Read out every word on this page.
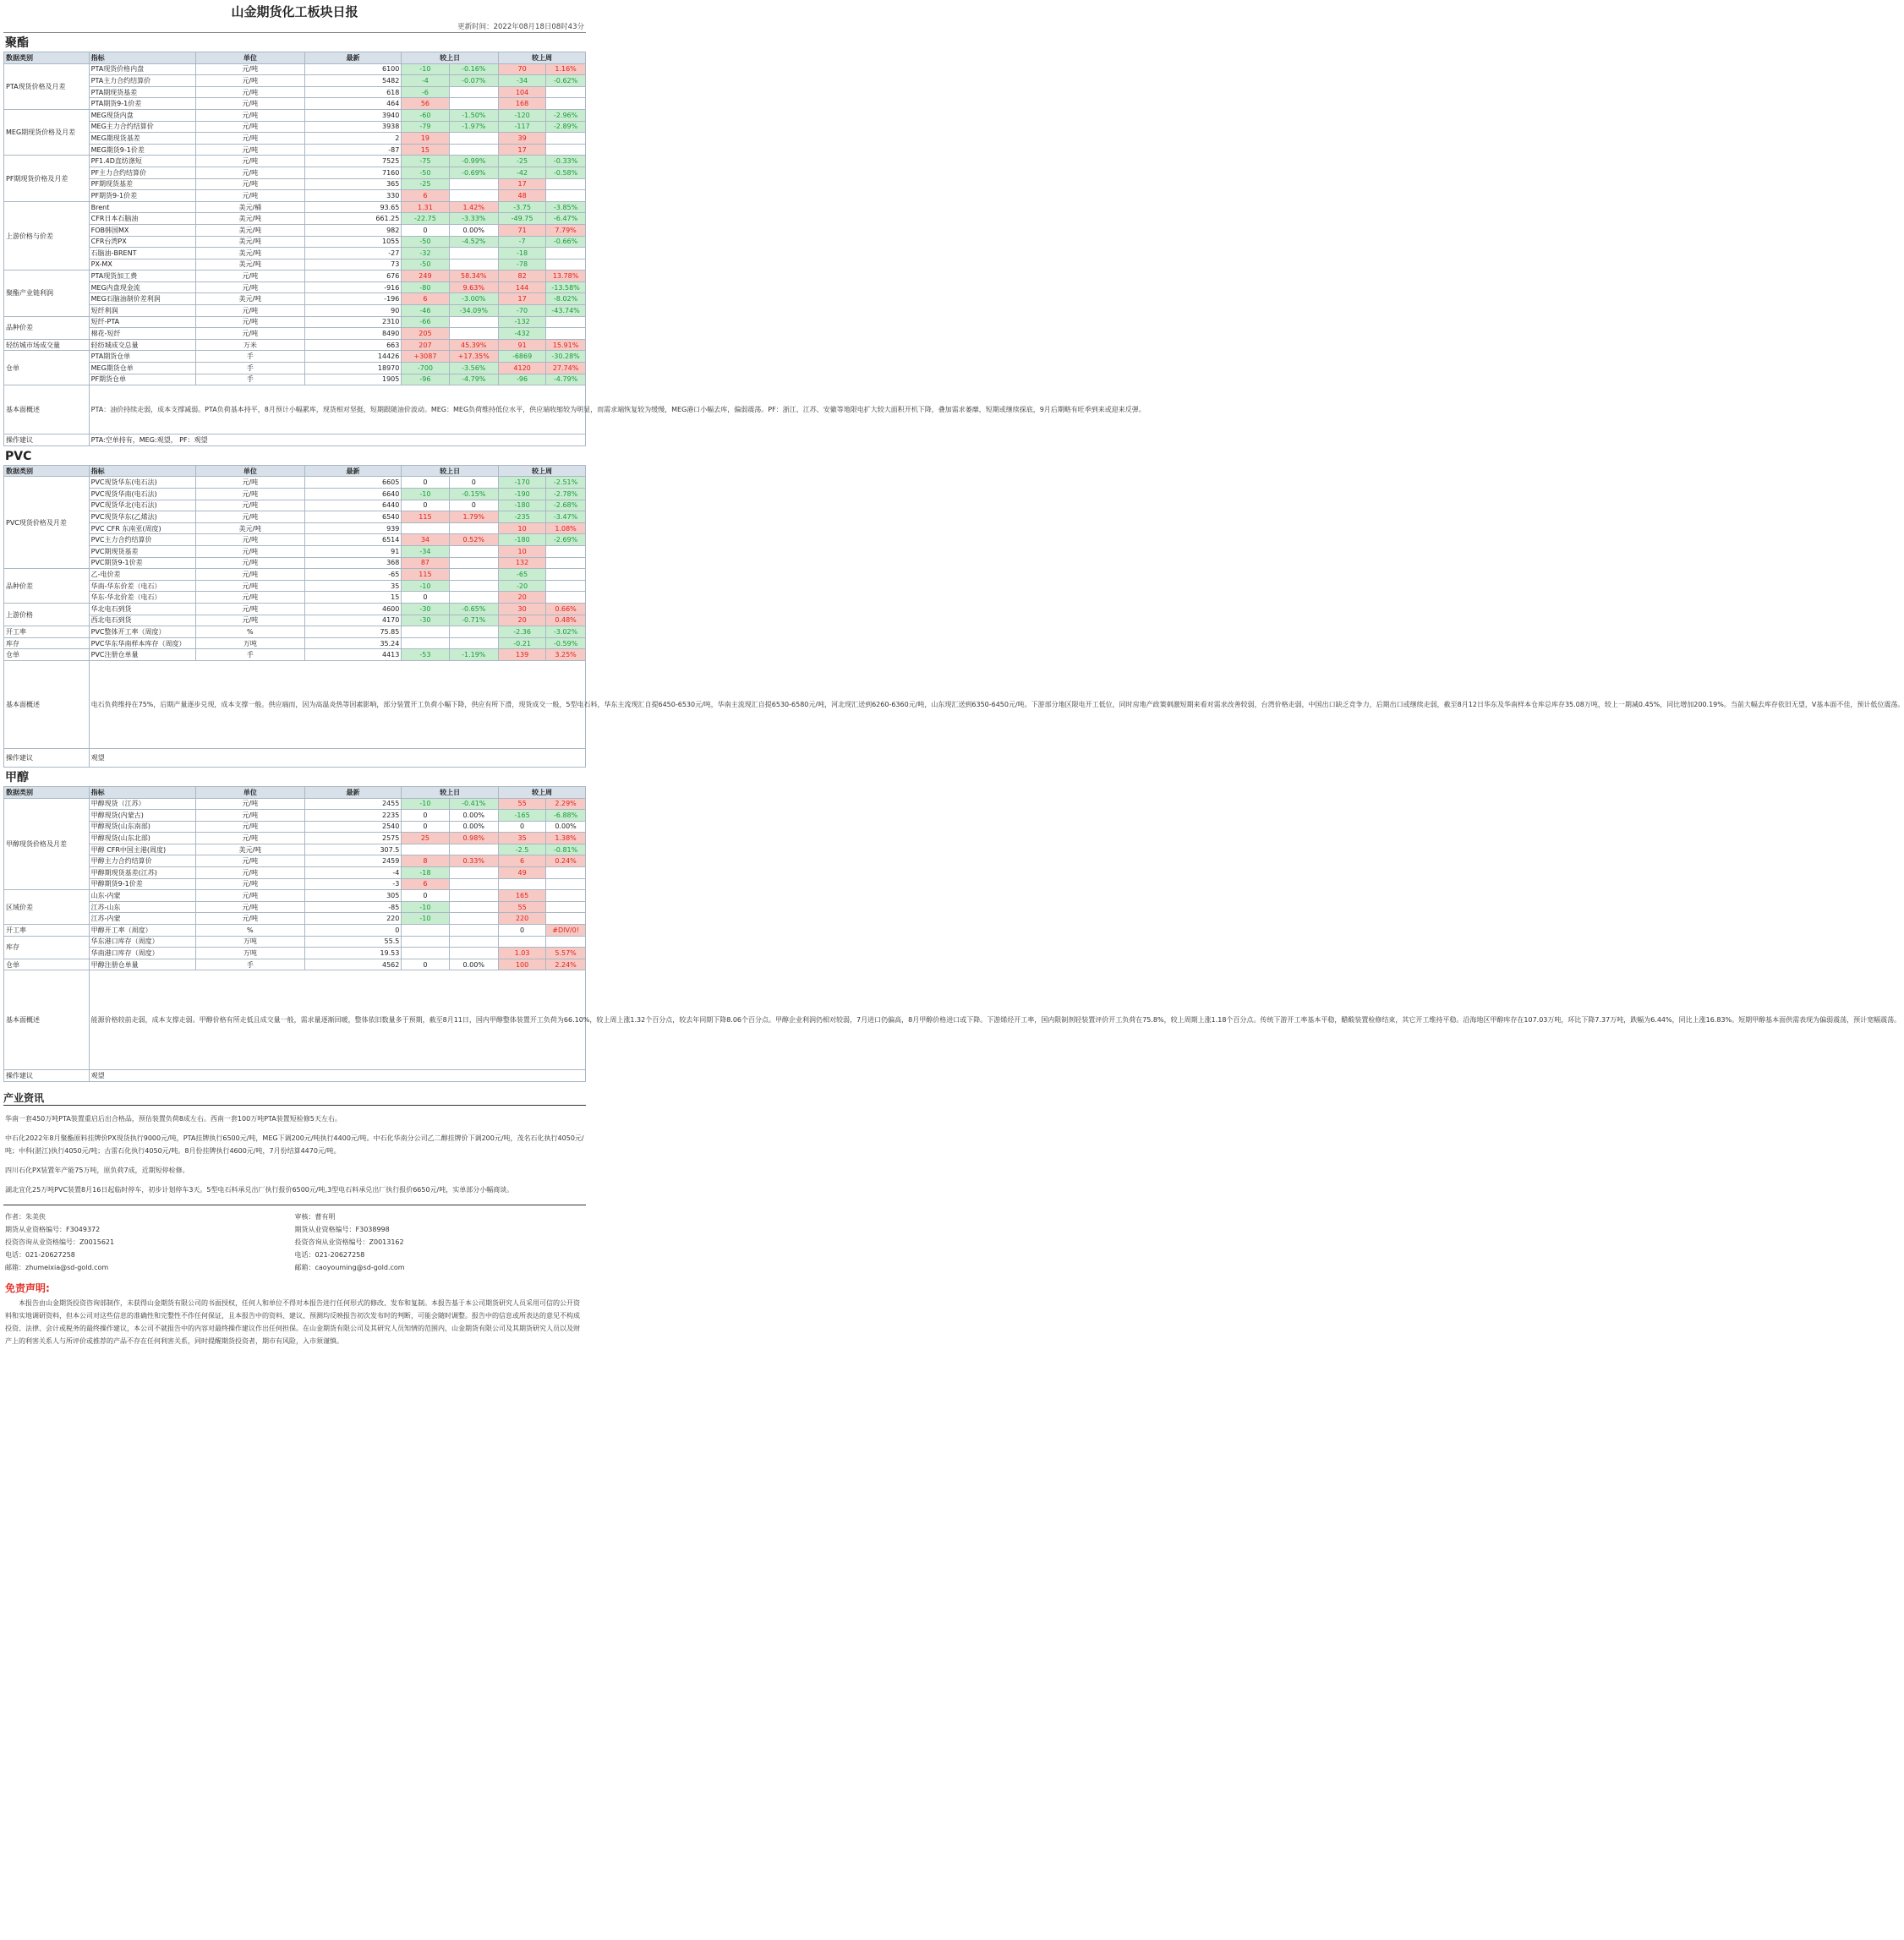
山金期货化工板块日报
更新时间：2022年08月18日08时43分
聚酯
数据类别	指标	单位	最新	较上日		较上周	
PTA现货价格及月差	PTA现货价格内盘	元/吨	6100	-10	-0.16%	70	1.16%
	PTA主力合约结算价	元/吨	5482	-4	-0.07%	-34	-0.62%
	PTA期现货基差	元/吨	618	-6		104	
	PTA期货9-1价差	元/吨	464	56		168	
MEG期现货价格及月差	MEG现货内盘	元/吨	3940	-60	-1.50%	-120	-2.96%
	MEG主力合约结算价	元/吨	3938	-79	-1.97%	-117	-2.89%
	MEG期现货基差	元/吨	2	19		39	
	MEG期货9-1价差	元/吨	-87	15		17	
PF期现货价格及月差	PF1.4D直纺涤短	元/吨	7525	-75	-0.99%	-25	-0.33%
	PF主力合约结算价	元/吨	7160	-50	-0.69%	-42	-0.58%
	PF期现货基差	元/吨	365	-25		17	
	PF期货9-1价差	元/吨	330	6		48	
上游价格与价差	Brent	美元/桶	93.65	1.31	1.42%	-3.75	-3.85%
	CFR日本石脑油	美元/吨	661.25	-22.75	-3.33%	-49.75	-6.47%
	FOB韩国MX	美元/吨	982	0	0.00%	71	7.79%
	CFR台湾PX	美元/吨	1055	-50	-4.52%	-7	-0.66%
	石脑油-BRENT	美元/吨	-27	-32		-18	
	PX-MX	美元/吨	73	-50		-78	
聚酯产业链利润	PTA现货加工费	元/吨	676	249	58.34%	82	13.78%
	MEG内盘现金流	元/吨	-916	-80	9.63%	144	-13.58%
	MEG石脑油制价差利润	美元/吨	-196	6	-3.00%	17	-8.02%
	短纤利润	元/吨	90	-46	-34.09%	-70	-43.74%
品种价差	短纤-PTA	元/吨	2310	-66		-132	
	棉花-短纤	元/吨	8490	205		-432	
轻纺城市场成交量	轻纺城成交总量	万米	663	207	45.39%	91	15.91%
仓单	PTA期货仓单	手	14426	+3087	+17.35%	-6869	-30.28%
	MEG期货仓单	手	18970	-700	-3.56%	4120	27.74%
	PF期货仓单	手	1905	-96	-4.79%	-96	-4.79%
基本面概述	PTA：油价持续走弱，成本支撑减弱。PTA负荷基本持平，8月预计小幅累库，现货相对坚挺，短期跟随油价波动。MEG：MEG负荷维持低位水平，供应端收缩较为明显，而需求端恢复较为缓慢，MEG港口小幅去库，偏弱震荡。PF：浙江、江苏、安徽等地限电扩大较大面积开机下降，叠加需求萎靡，短期或继续探底，9月后期略有旺季到来或迎来反弹。						
操作建议	PTA:空单持有，MEG:观望， PF：观望						
PVC
数据类别	指标	单位	最新	较上日		较上周	
PVC现货价格及月差	PVC现货华东(电石法)	元/吨	6605	0	0	-170	-2.51%
	PVC现货华南(电石法)	元/吨	6640	-10	-0.15%	-190	-2.78%
	PVC现货华北(电石法)	元/吨	6440	0	0	-180	-2.68%
	PVC现货华东(乙烯法)	元/吨	6540	115	1.79%	-235	-3.47%
	PVC CFR 东南亚(周度)	美元/吨	939			10	1.08%
	PVC主力合约结算价	元/吨	6514	34	0.52%	-180	-2.69%
	PVC期现货基差	元/吨	91	-34		10	
	PVC期货9-1价差	元/吨	368	87		132	
品种价差	乙-电价差	元/吨	-65	115		-65	
	华南-华东价差（电石）	元/吨	35	-10		-20	
	华东-华北价差（电石）	元/吨	15	0		20	
上游价格	华北电石到货	元/吨	4600	-30	-0.65%	30	0.66%
	西北电石到货	元/吨	4170	-30	-0.71%	20	0.48%
开工率	PVC整体开工率（周度）	%	75.85			-2.36	-3.02%
库存	PVC华东华南样本库存（周度）	万吨	35.24			-0.21	-0.59%
仓单	PVC注册仓单量	手	4413	-53	-1.19%	139	3.25%
基本面概述	电石负荷维持在75%，后期产量逐步兑现，成本支撑一般。供应端而，因为高温炎热等因素影响，部分装置开工负荷小幅下降，供应有所下滑，现货成交一般，5型电石料，华东主流现汇自提6450-6530元/吨，华南主流现汇自提6530-6580元/吨，河北现汇送到6260-6360元/吨，山东现汇送到6350-6450元/吨。下游部分地区限电开工低位，同时房地产政策刺激短期来看对需求改善较弱，台湾价格走弱，中国出口缺乏竞争力，后期出口或继续走弱，截至8月12日华东及华南样本仓库总库存35.08万吨，较上一期减0.45%，同比增加200.19%。当前大幅去库存依旧无望，V基本面不佳，预计低位震荡。						
操作建议	观望						
甲醇
数据类别	指标	单位	最新	较上日		较上周	
甲醇现货价格及月差	甲醇现货（江苏）	元/吨	2455	-10	-0.41%	55	2.29%
	甲醇现货(内蒙古)	元/吨	2235	0	0.00%	-165	-6.88%
	甲醇现货(山东南部)	元/吨	2540	0	0.00%	0	0.00%
	甲醇现货(山东北部)	元/吨	2575	25	0.98%	35	1.38%
	甲醇 CFR中国主港(周度)	美元/吨	307.5			-2.5	-0.81%
	甲醇主力合约结算价	元/吨	2459	8	0.33%	6	0.24%
	甲醇期现货基差(江苏)	元/吨	-4	-18		49	
	甲醇期货9-1价差	元/吨	-3	6			
区域价差	山东-内蒙	元/吨	305	0		165	
	江苏-山东	元/吨	-85	-10		55	
	江苏-内蒙	元/吨	220	-10		220	
开工率	甲醇开工率（周度）	%	0			0	#DIV/0!
库存	华东港口库存（周度）	万吨	55.5				
	华南港口库存（周度）	万吨	19.53			1.03	5.57%
仓单	甲醇注册仓单量	手	4562	0	0.00%	100	2.24%
基本面概述	能源价格较前走弱，成本支撑走弱。甲醇价格有所走低且成交量一般，需求量逐渐回暖，整体依旧数量多于预期，截至8月11日，国内甲醇整体装置开工负荷为66.10%，较上周上涨1.32个百分点，较去年同期下降8.06个百分点。甲醇企业利润仍相对较弱，7月进口仍偏高，8月甲醇价格进口或下降。下游烯烃开工率，国内限制剂轻装置评价开工负荷在75.8%，较上周期上涨1.18个百分点。传统下游开工率基本平稳，醋酸装置检修结束，其它开工维持平稳。沿海地区甲醇库存在107.03万吨，环比下降7.37万吨，跌幅为6.44%，同比上涨16.83%。短期甲醇基本面供需表现为偏弱震荡，预计宽幅震荡。						
操作建议	观望						
产业资讯
华南一套450万吨PTA装置重启后出合格品，预估装置负荷8成左右。西南一套100万吨PTA装置短检修5天左右。
中石化2022年8月聚酯原料挂牌价PX现货执行9000元/吨，PTA挂牌执行6500元/吨，MEG下调200元/吨执行4400元/吨。中石化华南分公司乙二醇挂牌价下调200元/吨，茂名石化执行4050元/吨；中科(湛江)执行4050元/吨；古雷石化执行4050元/吨。8月份挂牌执行4600元/吨，7月份结算4470元/吨。
四川石化PX装置年产能75万吨，原负荷7成，近期短停检修。
湖北宜化25万吨PVC装置8月16日起临时停车，初步计划停车3天。5型电石料承兑出厂执行报价6500元/吨,3型电石料承兑出厂执行报价6650元/吨，实单部分小幅商谈。
作者：朱美侠	审核：曹有明
期货从业资格编号：F3049372	期货从业资格编号：F3038998
投资咨询从业资格编号：Z0015621	投资咨询从业资格编号：Z0013162
电话：021-20627258	电话：021-20627258
邮箱：zhumeixia@sd-gold.com	邮箱：caoyouming@sd-gold.com
免责声明:
本报告由山金期货投资咨询部制作，未获得山金期货有限公司的书面授权，任何人和单位不得对本报告进行任何形式的修改、发布和复制。本报告基于本公司期货研究人员采用可信的公开资料和实地调研资料，但本公司对这些信息的准确性和完整性不作任何保证，且本报告中的资料、建议、预测均反映报告初次发布时的判断，可能会随时调整。报告中的信息或所表达的意见不构成投资、法律、会计或税务的最终操作建议，本公司不就报告中的内容对最终操作建议作出任何担保。在山金期货有限公司及其研究人员知情的范围内，山金期货有限公司及其期货研究人员以及财产上的利害关系人与所评价或推荐的产品不存在任何利害关系，同时提醒期货投资者，期市有风险，入市须谨慎。
